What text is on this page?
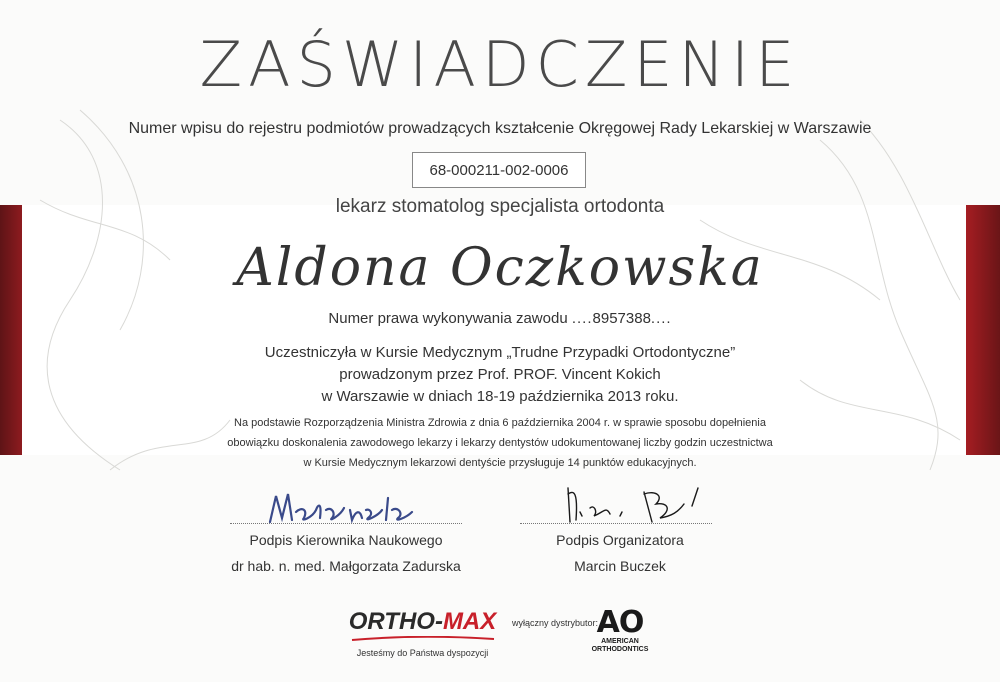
ZAŚWIADCZENIE
Numer wpisu do rejestru podmiotów prowadzących kształcenie Okręgowej Rady Lekarskiej w Warszawie
68-000211-002-0006
lekarz stomatolog specjalista ortodonta
Aldona Oczkowska
Numer prawa wykonywania zawodu ....8957388....
Uczestniczyła w Kursie Medycznym „Trudne Przypadki Ortodontyczne”
prowadzonym przez Prof. PROF. Vincent Kokich
w Warszawie w dniach 18-19 października 2013 roku.
Na podstawie Rozporządzenia Ministra Zdrowia z dnia 6 października 2004 r. w sprawie sposobu dopełnienia
obowiązku doskonalenia zawodowego lekarzy i lekarzy dentystów udokumentowanej liczby godzin uczestnictwa
w Kursie Medycznym lekarzowi dentyście przysługuje 14 punktów edukacyjnych.
Podpis Kierownika Naukowego
dr hab. n. med. Małgorzata Zadurska
Podpis Organizatora
Marcin Buczek
ORTHO-MAX
Jesteśmy do Państwa dyspozycji
wyłączny dystrybutor:
AO
AMERICAN
ORTHODONTICS
